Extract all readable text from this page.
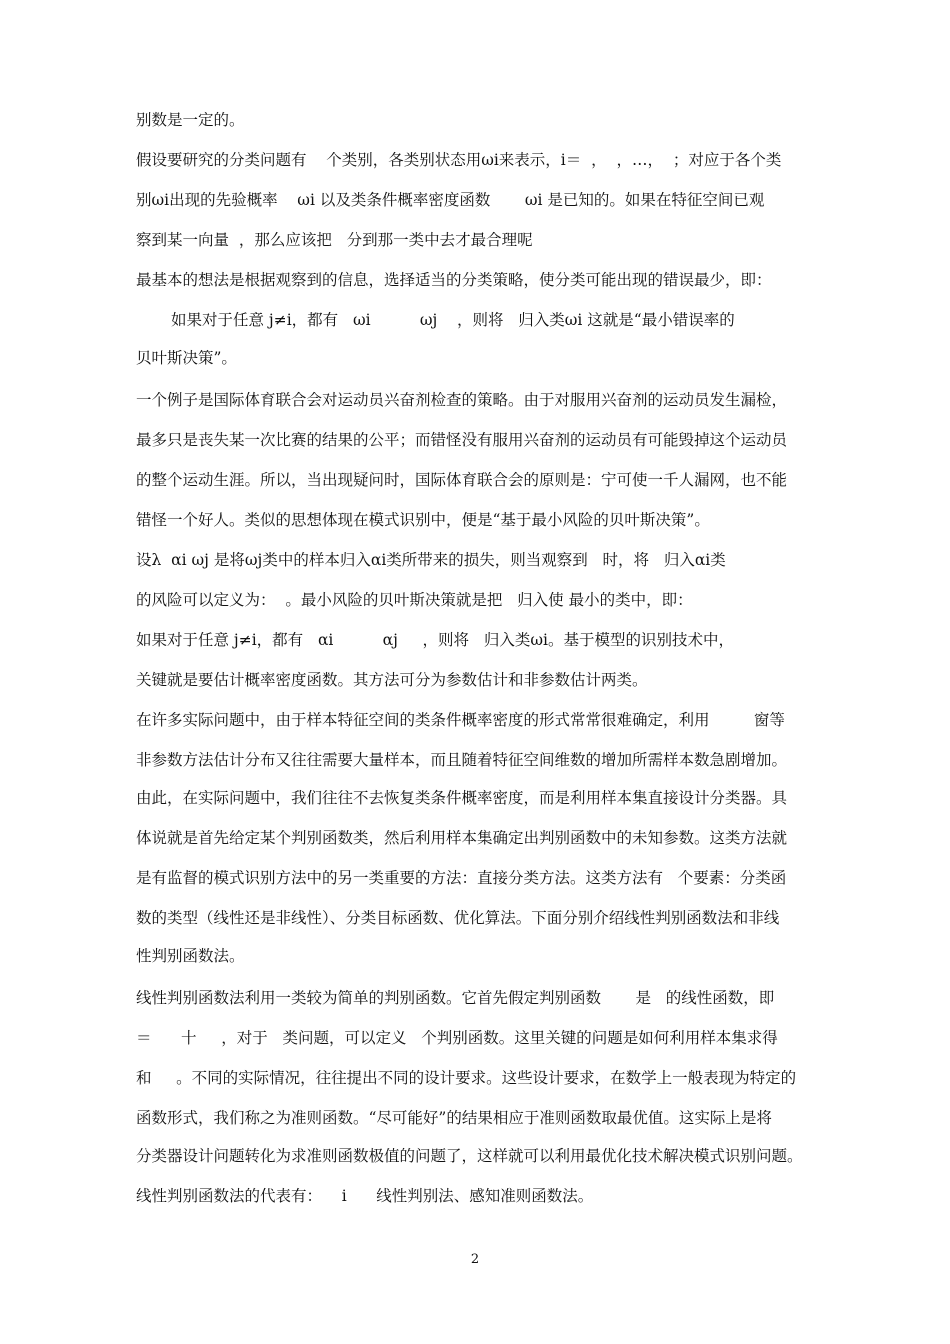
别数是一定的。
假设要研究的分类问题有    个类别，各类别状态用ωi来表示，i＝  ，  ，…，  ；对应于各个类
别ωi出现的先验概率    ωi 以及类条件概率密度函数       ωi 是已知的。如果在特征空间已观
察到某一向量  ，那么应该把   分到那一类中去才最合理呢
最基本的想法是根据观察到的信息，选择适当的分类策略，使分类可能出现的错误最少，即：
如果对于任意 j≠i，都有   ωi          ωj    ，则将   归入类ωi 这就是“最小错误率的
贝叶斯决策”。
一个例子是国际体育联合会对运动员兴奋剂检查的策略。由于对服用兴奋剂的运动员发生漏检，
最多只是丧失某一次比赛的结果的公平；而错怪没有服用兴奋剂的运动员有可能毁掉这个运动员
的整个运动生涯。所以，当出现疑问时，国际体育联合会的原则是：宁可使一千人漏网，也不能
错怪一个好人。类似的思想体现在模式识别中，便是“基于最小风险的贝叶斯决策”。
设λ  αi ωj 是将ωj类中的样本归入αi类所带来的损失，则当观察到   时，将   归入αi类
的风险可以定义为：  。最小风险的贝叶斯决策就是把   归入使 最小的类中，即：
如果对于任意 j≠i，都有   αi          αj     ，则将   归入类ωi。基于模型的识别技术中，
关键就是要估计概率密度函数。其方法可分为参数估计和非参数估计两类。
在许多实际问题中，由于样本特征空间的类条件概率密度的形式常常很难确定，利用         窗等
非参数方法估计分布又往往需要大量样本，而且随着特征空间维数的增加所需样本数急剧增加。
由此，在实际问题中，我们往往不去恢复类条件概率密度，而是利用样本集直接设计分类器。具
体说就是首先给定某个判别函数类，然后利用样本集确定出判别函数中的未知参数。这类方法就
是有监督的模式识别方法中的另一类重要的方法：直接分类方法。这类方法有   个要素：分类函
数的类型（线性还是非线性）、分类目标函数、优化算法。下面分别介绍线性判别函数法和非线
性判别函数法。
线性判别函数法利用一类较为简单的判别函数。它首先假定判别函数       是   的线性函数，即
＝      十     ，对于   类问题，可以定义   个判别函数。这里关键的问题是如何利用样本集求得
和     。不同的实际情况，往往提出不同的设计要求。这些设计要求，在数学上一般表现为特定的
函数形式，我们称之为准则函数。“尽可能好”的结果相应于准则函数取最优值。这实际上是将
分类器设计问题转化为求准则函数极值的问题了，这样就可以利用最优化技术解决模式识别问题。
线性判别函数法的代表有：    i      线性判别法、感知准则函数法。
2
